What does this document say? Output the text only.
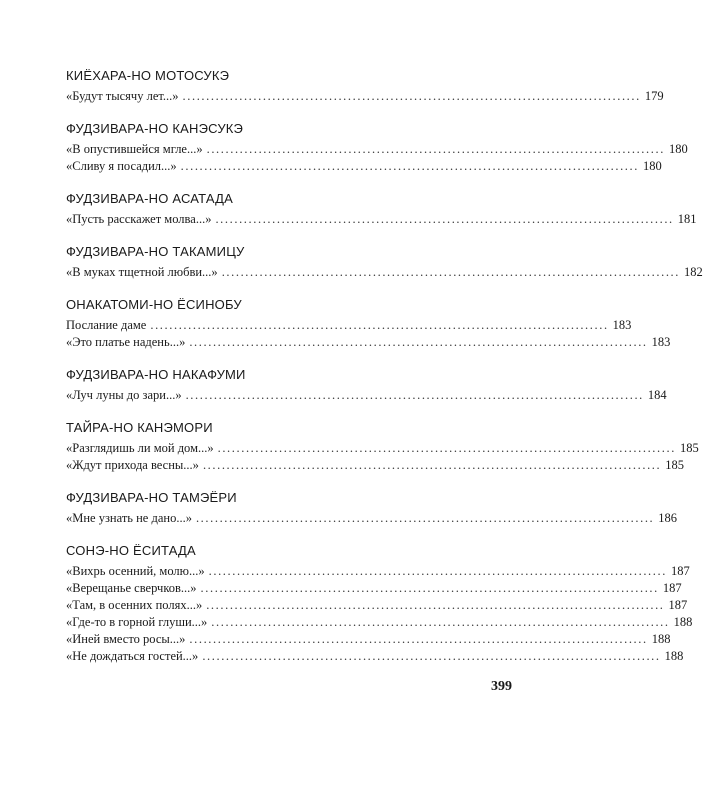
КИЁХАРА-НО МОТОСУКЭ
«Будут тысячу лет...» ................................................................................................. 179
ФУДЗИВАРА-НО КАНЭСУКЭ
«В опустившейся мгле...» ................................................................................................. 180
«Сливу я посадил...» ................................................................................................. 180
ФУДЗИВАРА-НО АСАТАДА
«Пусть расскажет молва...» ................................................................................................. 181
ФУДЗИВАРА-НО ТАКАМИЦУ
«В муках тщетной любви...» ................................................................................................. 182
ОНАКАТОМИ-НО ЁСИНОБУ
Послание даме ................................................................................................. 183
«Это платье надень...» ................................................................................................. 183
ФУДЗИВАРА-НО НАКАФУМИ
«Луч луны до зари...» ................................................................................................. 184
ТАЙРА-НО КАНЭМОРИ
«Разглядишь ли мой дом...» ................................................................................................. 185
«Ждут прихода весны...» ................................................................................................. 185
ФУДЗИВАРА-НО ТАМЭЁРИ
«Мне узнать не дано...» ................................................................................................. 186
СОНЭ-НО ЁСИТАДА
«Вихрь осенний, молю...» ................................................................................................. 187
«Верещанье сверчков...» ................................................................................................. 187
«Там, в осенних полях...» ................................................................................................. 187
«Где-то в горной глуши...» ................................................................................................. 188
«Иней вместо росы...» ................................................................................................. 188
«Не дождаться гостей...» ................................................................................................. 188
399
